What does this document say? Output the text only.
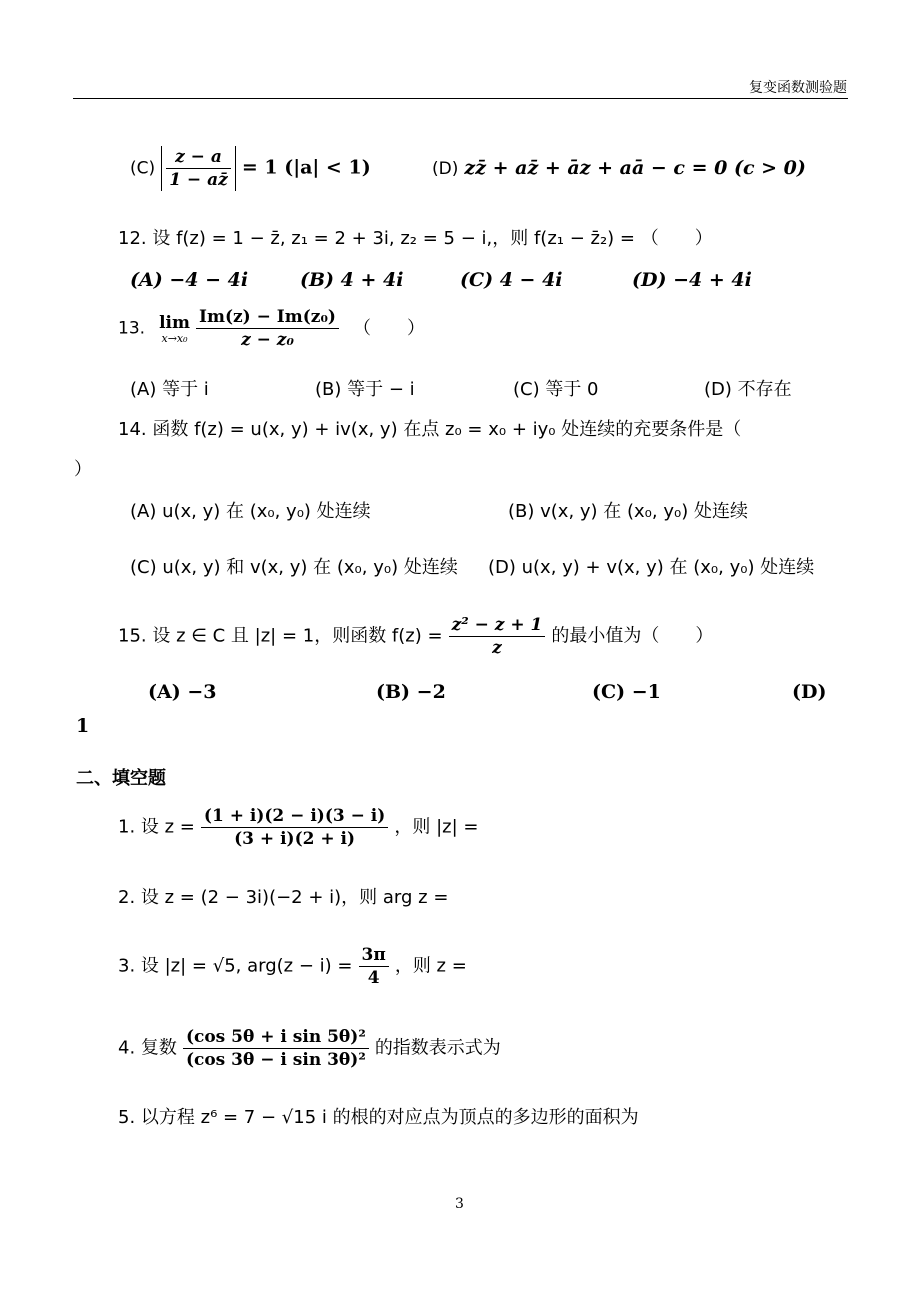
复变函数测验题
$(C) \frac{z - a}{1 - az̄} = 1$ (|a| < 1)	(D) zz̄ + az̄ + āz + aā − c = 0 (c > 0)
12. 设 f(z) = 1 − z̄, z₁ = 2 + 3i, z₂ = 5 − i,，则 f(z₁ − z̄₂) = （　　）
(A) −4 − 4i	(B) 4 + 4i	(C) 4 − 4i	(D) −4 + 4i
13. lim
x→x₀
$\frac{\text{Im(z) − Im(z₀)}}{\text{z − z₀}}$ （　　）
(A) 等于 i	(B) 等于 − i	(C) 等于 0	(D) 不存在
14. 函数 f(z) = u(x, y) + iv(x, y) 在点 z₀ = x₀ + iy₀ 处连续的充要条件是（
）
(A) u(x, y) 在 (x₀, y₀) 处连续	(B) v(x, y) 在 (x₀, y₀) 处连续
(C) u(x, y) 和 v(x, y) 在 (x₀, y₀) 处连续 (D) u(x, y) + v(x, y) 在 (x₀, y₀) 处连续
15. 设 z ∈ C 且 |z| = 1，则函数 $f(z) = \frac{\text{z² − z + 1}}{z}$ 的最小值为（　　）
(A) −3	(B) −2	(C) −1	(D)
1
二、填空题
1. 设 $z = \frac{(1 + i)(2 - i)(3 - i)}{(3 + i)(2 + i)}$ ，则 |z| =
2. 设 z = (2 − 3i)(−2 + i)，则 arg z =
3. 设 |z| = √5, $arg(z - i) = \frac{3\pi}{4}$ ，则 z =
4. 复数 $\frac{\text{(cos 5θ + i sin 5θ)²}}{\text{(cos 3θ − i sin 3θ)²}}$ 的指数表示式为
5. 以方程 z⁶ = 7 − √15 i 的根的对应点为顶点的多边形的面积为
3
